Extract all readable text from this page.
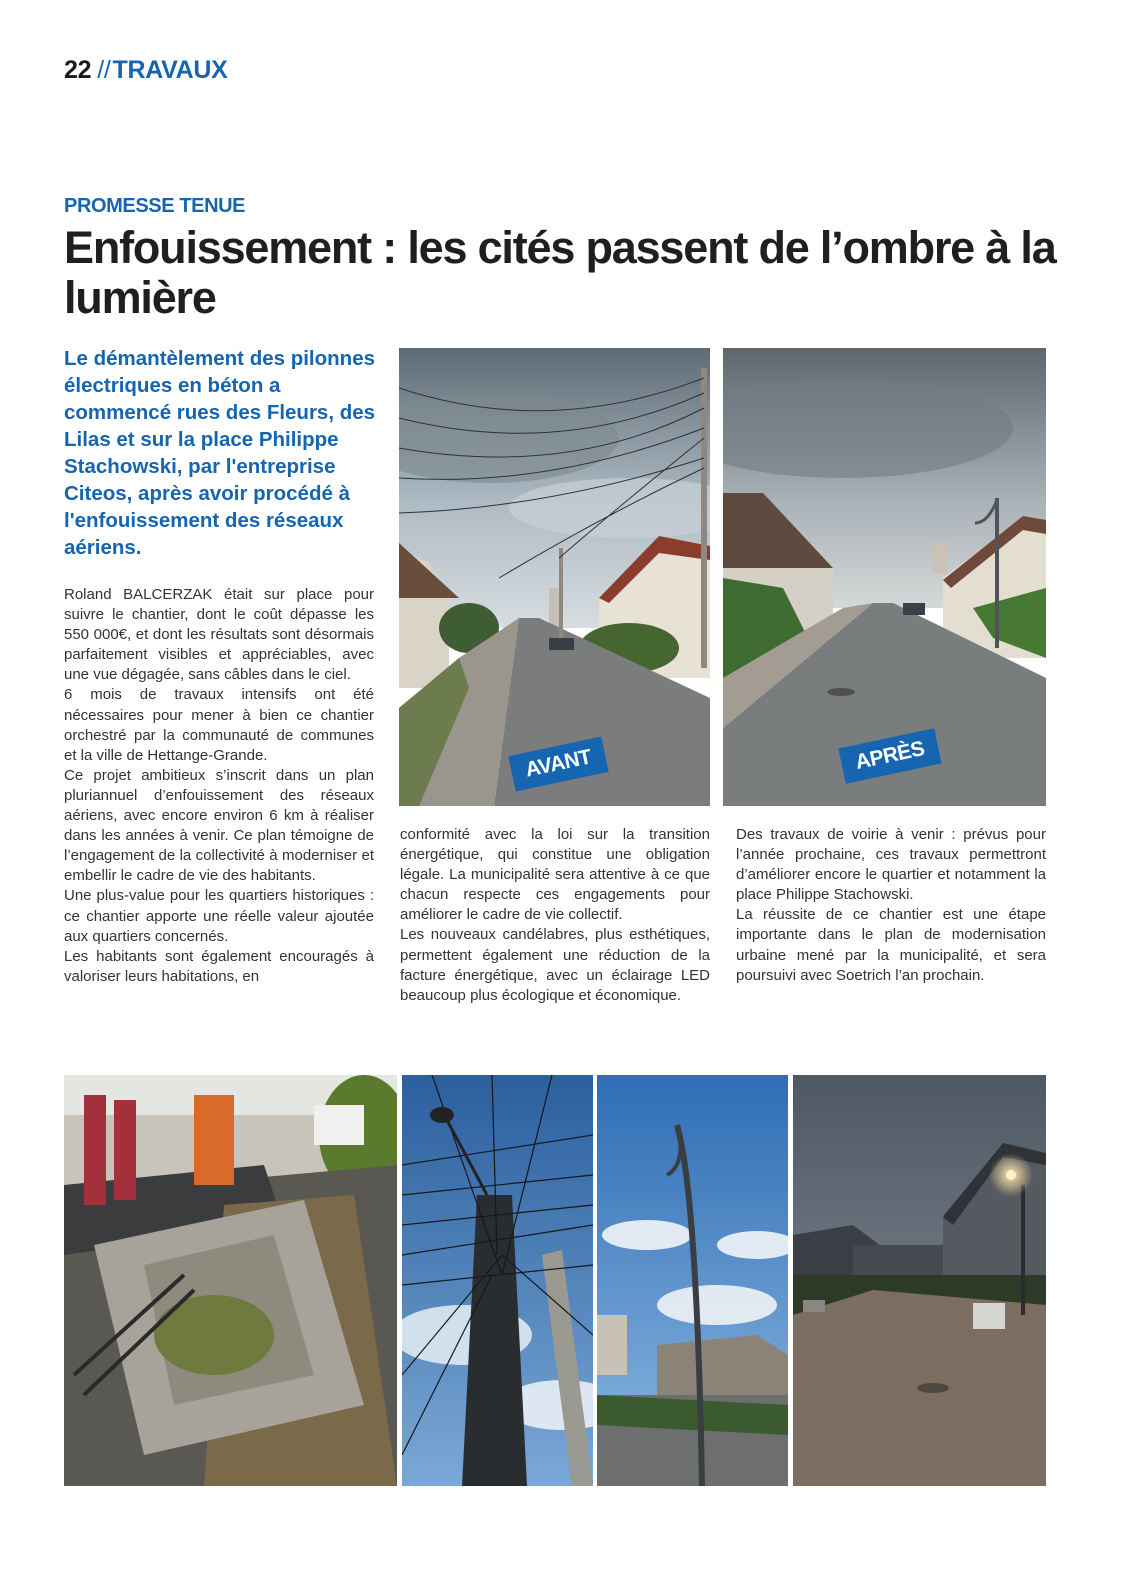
22 //TRAVAUX
PROMESSE TENUE
Enfouissement : les cités passent de l’ombre à la lumière
Le démantèlement des pilonnes électriques en béton a commencé rues des Fleurs, des Lilas et sur la place Philippe Stachowski, par l'entreprise Citeos, après avoir procédé à l'enfouissement des réseaux aériens.

Roland BALCERZAK était sur place pour suivre le chantier, dont le coût dépasse les 550 000€, et dont les résultats sont désormais parfaitement visibles et appréciables, avec une vue dégagée, sans câbles dans le ciel.

6 mois de travaux intensifs ont été nécessaires pour mener à bien ce chantier orchestré par la communauté de communes et la ville de Hettange-Grande.

Ce projet ambitieux s’inscrit dans un plan pluriannuel d’enfouissement des réseaux aériens, avec encore environ 6 km à réaliser dans les années à venir. Ce plan témoigne de l’engagement de la collectivité à moderniser et embellir le cadre de vie des habitants.

Une plus-value pour les quartiers historiques : ce chantier apporte une réelle valeur ajoutée aux quartiers concernés.

Les habitants sont également encouragés à valoriser leurs habitations, en

conformité avec la loi sur la transition énergétique, qui constitue une obligation légale. La municipalité sera attentive à ce que chacun respecte ces engagements pour améliorer le cadre de vie collectif.

Les nouveaux candélabres, plus esthétiques, permettent également une réduction de la facture énergétique, avec un éclairage LED beaucoup plus écologique et économique.

Des travaux de voirie à venir : prévus pour l’année prochaine, ces travaux permettront d’améliorer encore le quartier et notamment la place Philippe Stachowski.

La réussite de ce chantier est une étape importante dans le plan de modernisation urbaine mené par la municipalité, et sera poursuivi avec Soetrich l’an prochain.

AVANT	APRÈS
